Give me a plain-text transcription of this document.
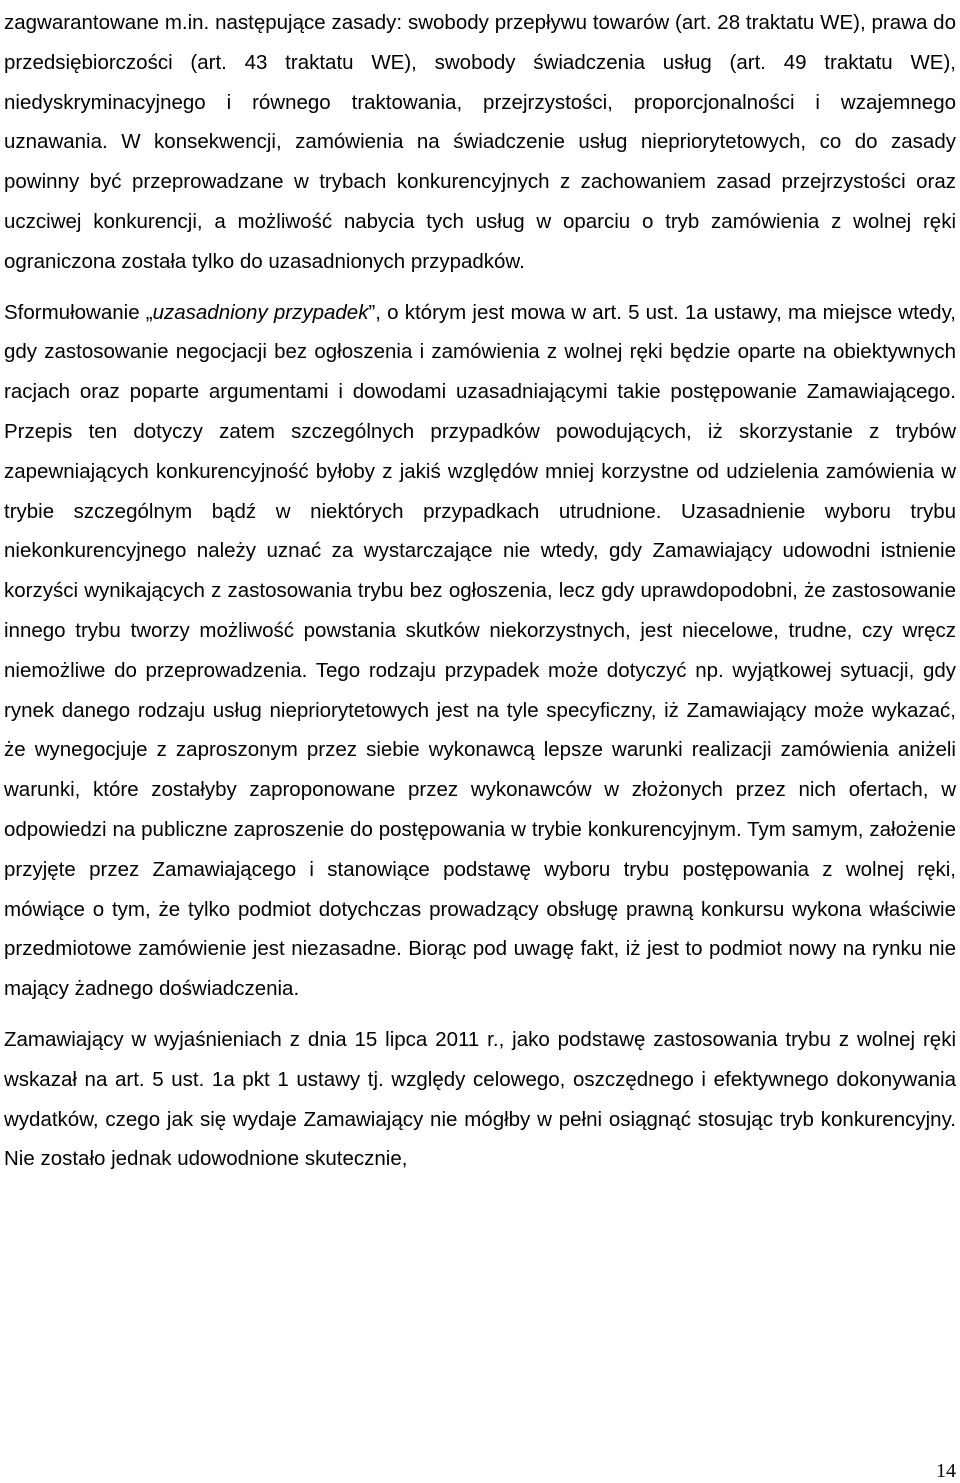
zagwarantowane m.in. następujące zasady: swobody przepływu towarów (art. 28 traktatu WE), prawa do przedsiębiorczości (art. 43 traktatu WE), swobody świadczenia usług (art. 49 traktatu WE), niedyskryminacyjnego i równego traktowania, przejrzystości, proporcjonalności i wzajemnego uznawania. W konsekwencji, zamówienia na świadczenie usług niepriorytetowych, co do zasady powinny być przeprowadzane w trybach konkurencyjnych z zachowaniem zasad przejrzystości oraz uczciwej konkurencji, a możliwość nabycia tych usług w oparciu o tryb zamówienia z wolnej ręki ograniczona została tylko do uzasadnionych przypadków.

Sformułowanie „uzasadniony przypadek”, o którym jest mowa w art. 5 ust. 1a ustawy, ma miejsce wtedy, gdy zastosowanie negocjacji bez ogłoszenia i zamówienia z wolnej ręki będzie oparte na obiektywnych racjach oraz poparte argumentami i dowodami uzasadniającymi takie postępowanie Zamawiającego. Przepis ten dotyczy zatem szczególnych przypadków powodujących, iż skorzystanie z trybów zapewniających konkurencyjność byłoby z jakiś względów mniej korzystne od udzielenia zamówienia w trybie szczególnym bądź w niektórych przypadkach utrudnione. Uzasadnienie wyboru trybu niekonkurencyjnego należy uznać za wystarczające nie wtedy, gdy Zamawiający udowodni istnienie korzyści wynikających z zastosowania trybu bez ogłoszenia, lecz gdy uprawdopodobni, że zastosowanie innego trybu tworzy możliwość powstania skutków niekorzystnych, jest niecelowe, trudne, czy wręcz niemożliwe do przeprowadzenia. Tego rodzaju przypadek może dotyczyć np. wyjątkowej sytuacji, gdy rynek danego rodzaju usług niepriorytetowych jest na tyle specyficzny, iż Zamawiający może wykazać, że wynegocjuje z zaproszonym przez siebie wykonawcą lepsze warunki realizacji zamówienia aniżeli warunki, które zostałyby zaproponowane przez wykonawców w złożonych przez nich ofertach, w odpowiedzi na publiczne zaproszenie do postępowania w trybie konkurencyjnym. Tym samym, założenie przyjęte przez Zamawiającego i stanowiące podstawę wyboru trybu postępowania z wolnej ręki, mówiące o tym, że tylko podmiot dotychczas prowadzący obsługę prawną konkursu wykona właściwie przedmiotowe zamówienie jest niezasadne. Biorąc pod uwagę fakt, iż jest to podmiot nowy na rynku nie mający żadnego doświadczenia.

Zamawiający w wyjaśnieniach z dnia 15 lipca 2011 r., jako podstawę zastosowania trybu z wolnej ręki wskazał na art. 5 ust. 1a pkt 1 ustawy tj. względy celowego, oszczędnego i efektywnego dokonywania wydatków, czego jak się wydaje Zamawiający nie mógłby w pełni osiągnąć stosując tryb konkurencyjny. Nie zostało jednak udowodnione skutecznie,

14
